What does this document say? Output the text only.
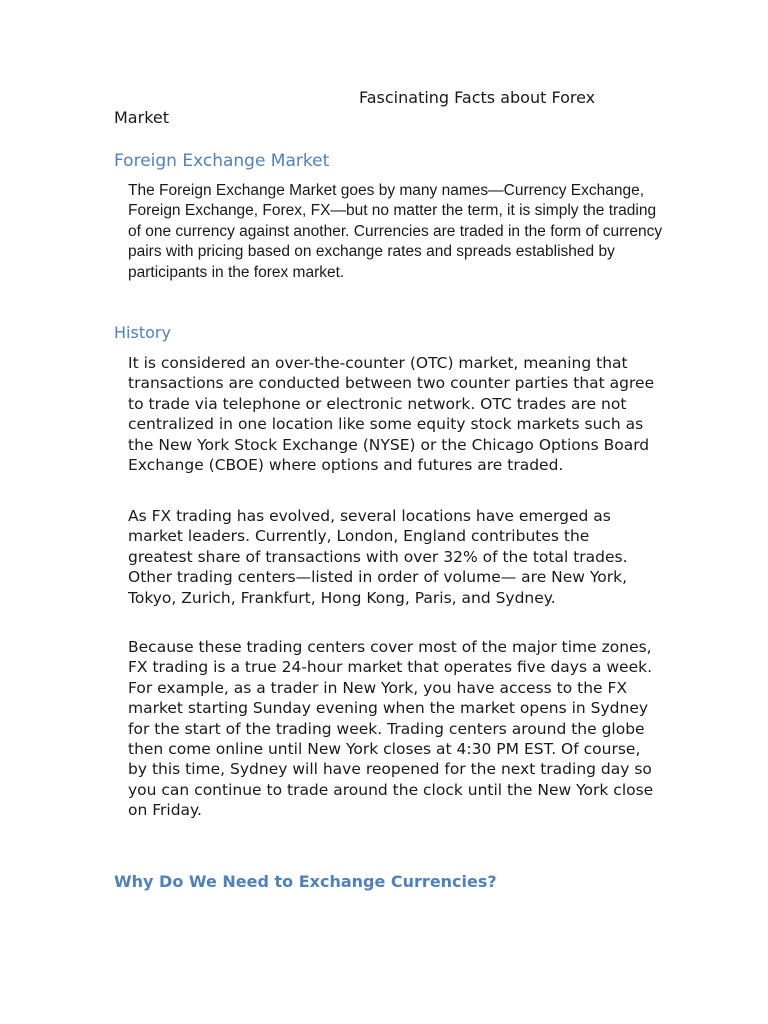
Fascinating Facts about Forex Market
Foreign Exchange Market

The Foreign Exchange Market goes by many names—Currency Exchange, Foreign Exchange, Forex, FX—but no matter the term, it is simply the trading of one currency against another. Currencies are traded in the form of currency pairs with pricing based on exchange rates and spreads established by participants in the forex market.

History

It is considered an over-the-counter (OTC) market, meaning that transactions are conducted between two counter parties that agree to trade via telephone or electronic network. OTC trades are not centralized in one location like some equity stock markets such as the New York Stock Exchange (NYSE) or the Chicago Options Board Exchange (CBOE) where options and futures are traded.

As FX trading has evolved, several locations have emerged as market leaders. Currently, London, England contributes the greatest share of transactions with over 32% of the total trades. Other trading centers—listed in order of volume— are New York, Tokyo, Zurich, Frankfurt, Hong Kong, Paris, and Sydney.

Because these trading centers cover most of the major time zones, FX trading is a true 24-hour market that operates five days a week. For example, as a trader in New York, you have access to the FX market starting Sunday evening when the market opens in Sydney for the start of the trading week. Trading centers around the globe then come online until New York closes at 4:30 PM EST. Of course, by this time, Sydney will have reopened for the next trading day so you can continue to trade around the clock until the New York close on Friday.

Why Do We Need to Exchange Currencies?
